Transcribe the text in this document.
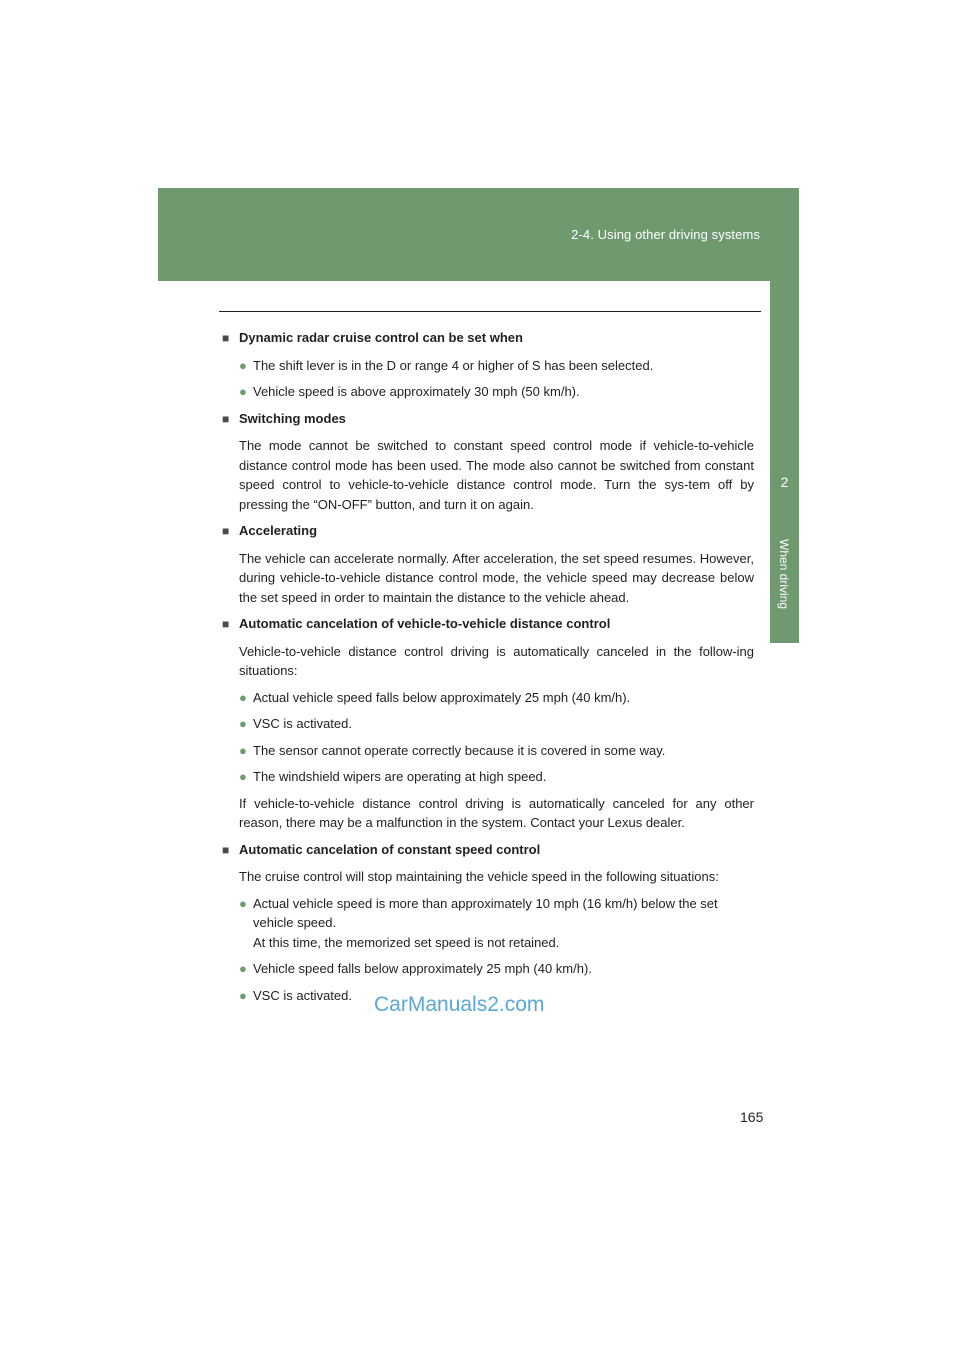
2-4. Using other driving systems
2
When driving
■ Dynamic radar cruise control can be set when
● The shift lever is in the D or range 4 or higher of S has been selected.
● Vehicle speed is above approximately 30 mph (50 km/h).
■ Switching modes
The mode cannot be switched to constant speed control mode if vehicle-to-vehicle distance control mode has been used. The mode also cannot be switched from constant speed control to vehicle-to-vehicle distance control mode. Turn the sys-tem off by pressing the “ON-OFF” button, and turn it on again.
■ Accelerating
The vehicle can accelerate normally. After acceleration, the set speed resumes. However, during vehicle-to-vehicle distance control mode, the vehicle speed may decrease below the set speed in order to maintain the distance to the vehicle ahead.
■ Automatic cancelation of vehicle-to-vehicle distance control
Vehicle-to-vehicle distance control driving is automatically canceled in the follow-ing situations:
● Actual vehicle speed falls below approximately 25 mph (40 km/h).
● VSC is activated.
● The sensor cannot operate correctly because it is covered in some way.
● The windshield wipers are operating at high speed.
If vehicle-to-vehicle distance control driving is automatically canceled for any other reason, there may be a malfunction in the system. Contact your Lexus dealer.
■ Automatic cancelation of constant speed control
The cruise control will stop maintaining the vehicle speed in the following situations:
● Actual vehicle speed is more than approximately 10 mph (16 km/h) below the set vehicle speed.
At this time, the memorized set speed is not retained.
● Vehicle speed falls below approximately 25 mph (40 km/h).
● VSC is activated.	CarManuals2.com
165
